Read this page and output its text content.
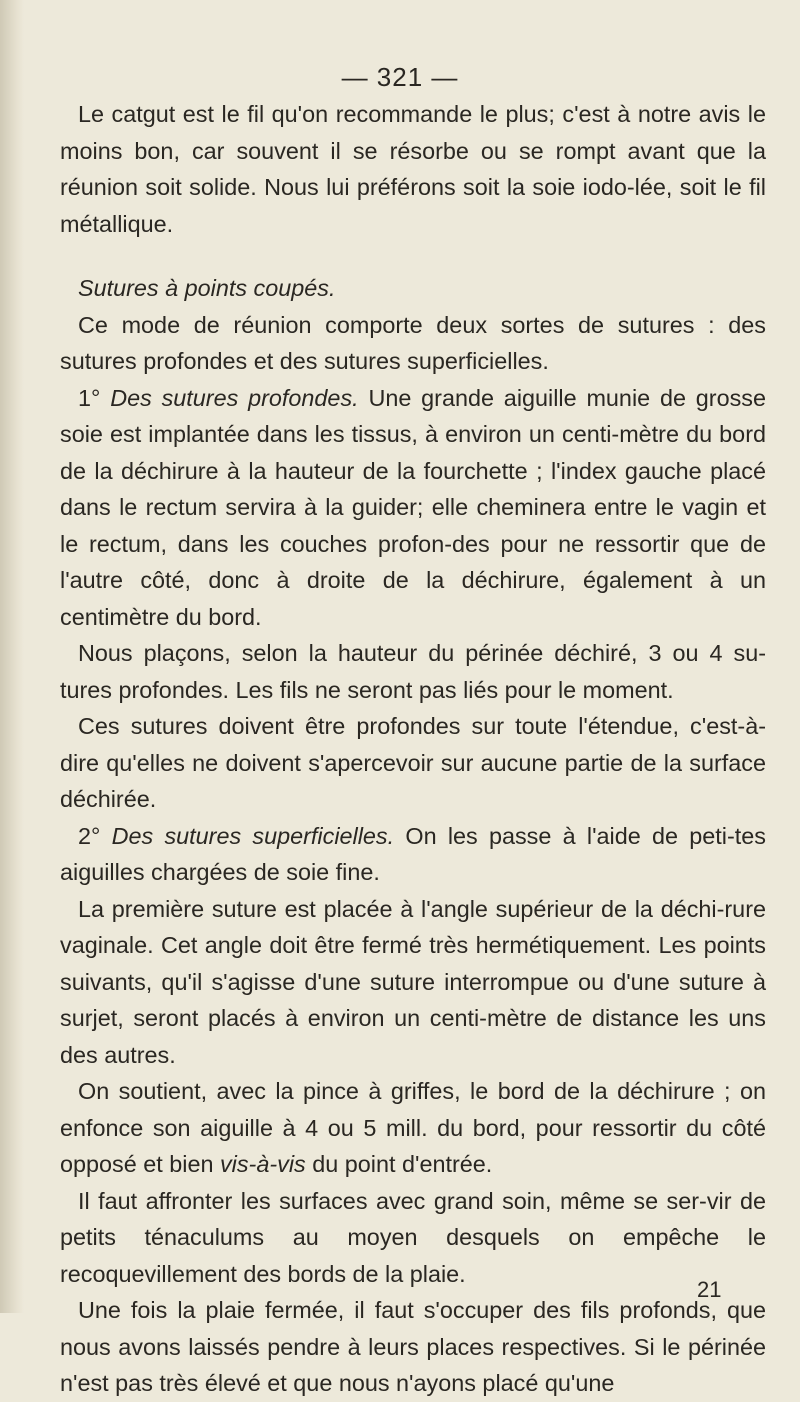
— 321 —

Le catgut est le fil qu'on recommande le plus; c'est à notre avis le moins bon, car souvent il se résorbe ou se rompt avant que la réunion soit solide. Nous lui préférons soit la soie iodo-lée, soit le fil métallique.

Sutures à points coupés.

Ce mode de réunion comporte deux sortes de sutures : des sutures profondes et des sutures superficielles.

1° Des sutures profondes. Une grande aiguille munie de grosse soie est implantée dans les tissus, à environ un centi-mètre du bord de la déchirure à la hauteur de la fourchette ; l'index gauche placé dans le rectum servira à la guider; elle cheminera entre le vagin et le rectum, dans les couches profon-des pour ne ressortir que de l'autre côté, donc à droite de la déchirure, également à un centimètre du bord.

Nous plaçons, selon la hauteur du périnée déchiré, 3 ou 4 su-tures profondes. Les fils ne seront pas liés pour le moment.

Ces sutures doivent être profondes sur toute l'étendue, c'est-à-dire qu'elles ne doivent s'apercevoir sur aucune partie de la surface déchirée.

2° Des sutures superficielles. On les passe à l'aide de peti-tes aiguilles chargées de soie fine.

La première suture est placée à l'angle supérieur de la déchi-rure vaginale. Cet angle doit être fermé très hermétiquement. Les points suivants, qu'il s'agisse d'une suture interrompue ou d'une suture à surjet, seront placés à environ un centi-mètre de distance les uns des autres.

On soutient, avec la pince à griffes, le bord de la déchirure ; on enfonce son aiguille à 4 ou 5 mill. du bord, pour ressortir du côté opposé et bien vis-à-vis du point d'entrée.

Il faut affronter les surfaces avec grand soin, même se ser-vir de petits ténaculums au moyen desquels on empêche le recoquevillement des bords de la plaie.

Une fois la plaie fermée, il faut s'occuper des fils profonds, que nous avons laissés pendre à leurs places respectives. Si le périnée n'est pas très élevé et que nous n'ayons placé qu'une

21
